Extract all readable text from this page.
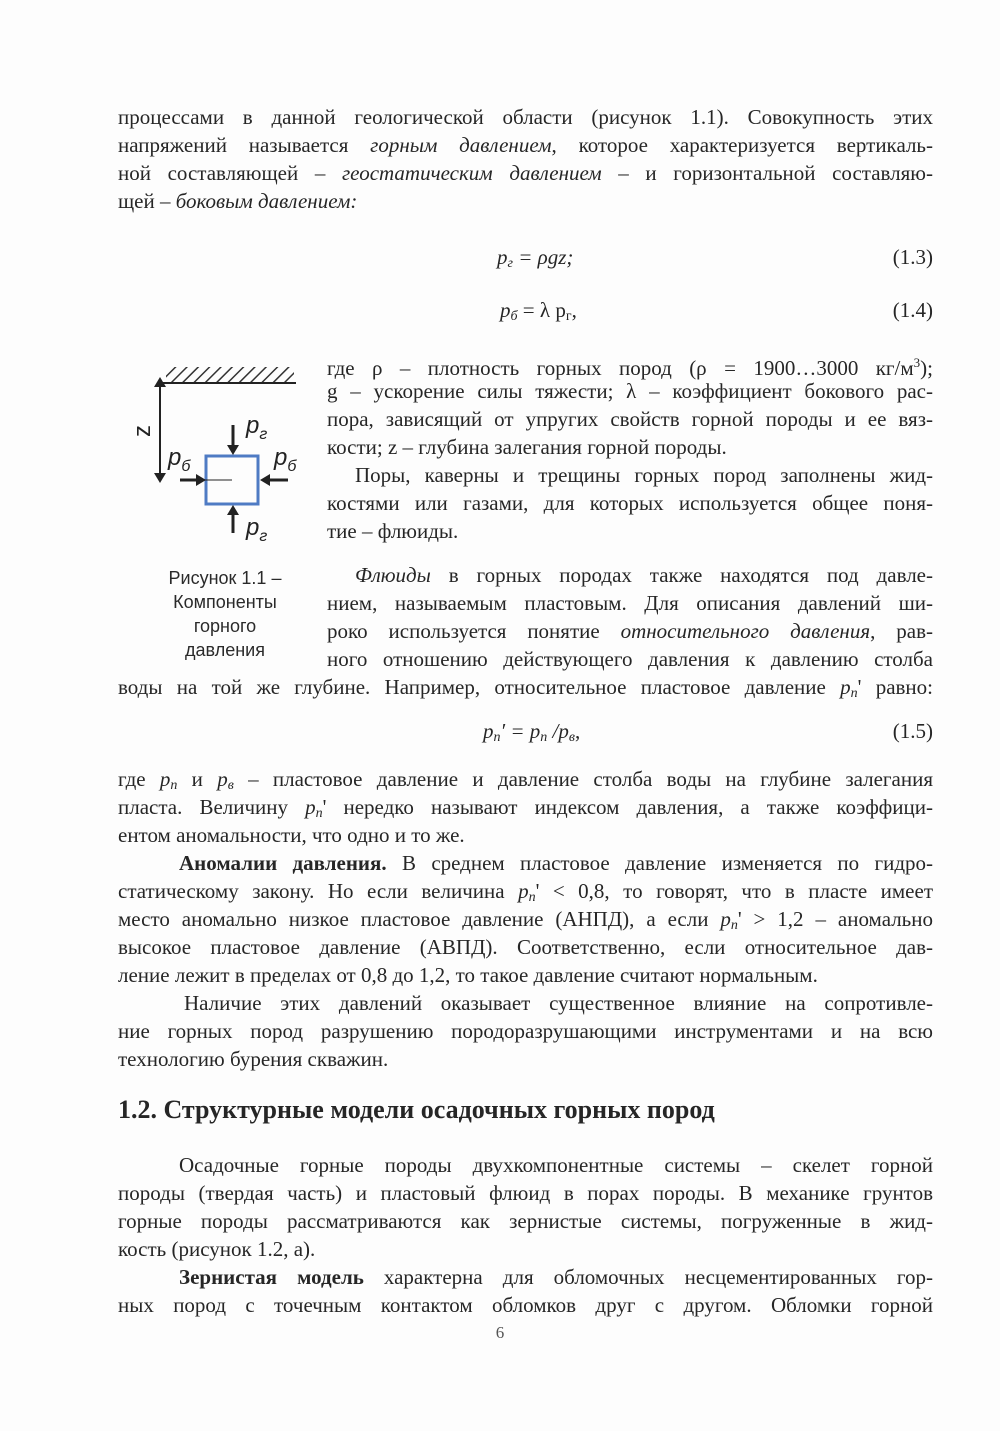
процессами в данной геологической области (рисунок 1.1). Совокупность этих
напряжений называется горным давлением, которое характеризуется вертикаль-
ной составляющей – геостатическим давлением – и горизонтальной составляю-
щей – боковым давлением:
$p_г = \rho gz$;	(1.3)
$p_б = \lambda$ $p_г$,	(1.4)
z	$p_г$
$p_б$	$p_б$
$p_г$
Рисунок 1.1 –
Компоненты
горного
давления
где ρ – плотность горных пород (ρ = 1900…3000 $кг/м^3$);
g – ускорение силы тяжести; λ – коэффициент бокового рас-
пора, зависящий от упругих свойств горной породы и ее вяз-
кости; z – глубина залегания горной породы.
Поры, каверны и трещины горных пород заполнены жид-
костями или газами, для которых используется общее поня-
тие – флюиды.
Флюиды в горных породах также находятся под давле-
нием, называемым пластовым. Для описания давлений ши-
роко используется понятие относительного давления, рав-
ного отношению действующего давления к давлению столба
воды на той же глубине. Например, относительное пластовое давление $p_п'$ равно:
$p_п' = p_п$ $/p_в$,	(1.5)
где $p_п$ и $p_в$ – пластовое давление и давление столба воды на глубине залегания
пласта. Величину $p_п'$ нередко называют индексом давления, а также коэффици-
ентом аномальности, что одно и то же.
Аномалии давления. В среднем пластовое давление изменяется по гидро-
статическому закону. Но если величина $p_п' < 0,8$, то говорят, что в пласте имеет
место аномально низкое пластовое давление (АНПД), а если $p_п' > 1,2$ – аномально
высокое пластовое давление (АВПД). Соответственно, если относительное дав-
ление лежит в пределах от 0,8 до 1,2, то такое давление считают нормальным.
Наличие этих давлений оказывает существенное влияние на сопротивле-
ние горных пород разрушению породоразрушающими инструментами и на всю
технологию бурения скважин.
1.2. Структурные модели осадочных горных пород
Осадочные горные породы двухкомпонентные системы – скелет горной
породы (твердая часть) и пластовый флюид в порах породы. В механике грунтов
горные породы рассматриваются как зернистые системы, погруженные в жид-
кость (рисунок 1.2, а).
Зернистая модель характерна для обломочных несцементированных гор-
ных пород с точечным контактом обломков друг с другом. Обломки горной
6
